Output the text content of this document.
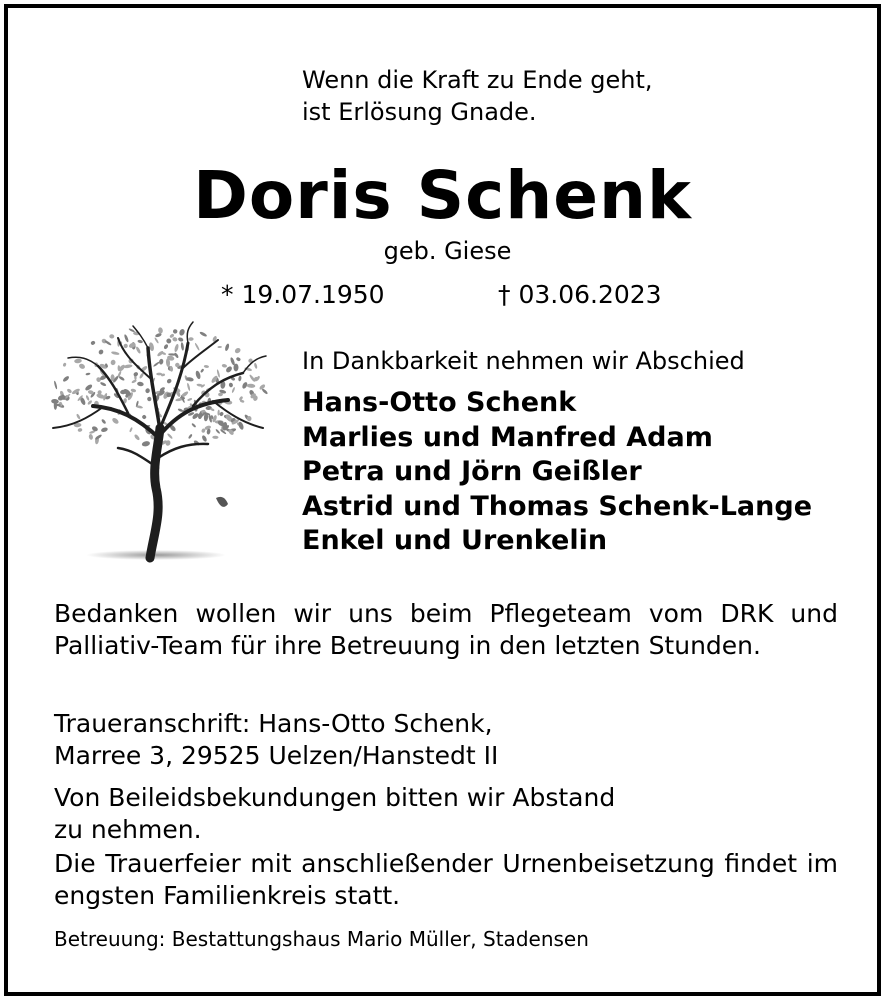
Wenn die Kraft zu Ende geht,
ist Erlösung Gnade.
Doris Schenk
geb. Giese
* 19.07.1950	† 03.06.2023
In Dankbarkeit nehmen wir Abschied
Hans-Otto Schenk
Marlies und Manfred Adam
Petra und Jörn Geißler
Astrid und Thomas Schenk-Lange
Enkel und Urenkelin
Bedanken wollen wir uns beim Pflegeteam vom DRK und Palliativ-Team für ihre Betreuung in den letzten Stunden.
Traueranschrift: Hans-Otto Schenk,
Marree 3, 29525 Uelzen/Hanstedt II
Von Beileidsbekundungen bitten wir Abstand
zu nehmen.
Die Trauerfeier mit anschließender Urnenbeisetzung findet im engsten Familienkreis statt.
Betreuung: Bestattungshaus Mario Müller, Stadensen
